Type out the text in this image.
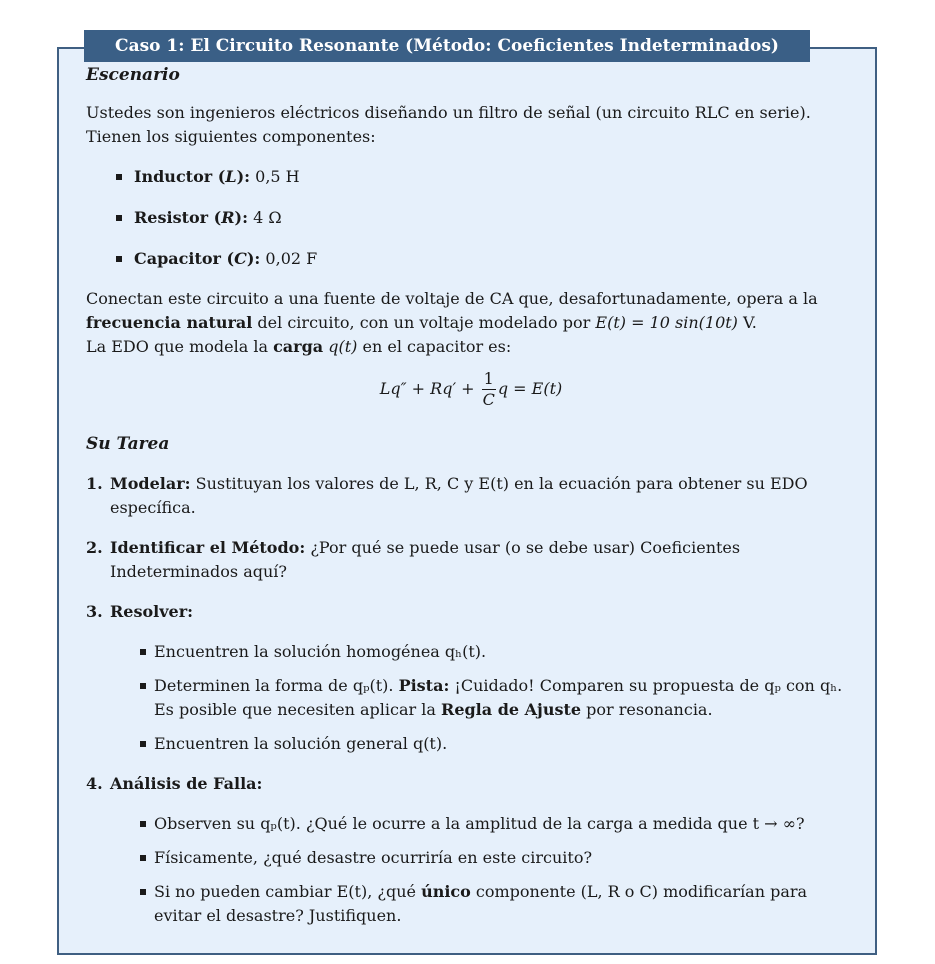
Caso 1: El Circuito Resonante (Método: Coeficientes Indeterminados)
Escenario

Ustedes son ingenieros eléctricos diseñando un filtro de señal (un circuito RLC en serie). Tienen los siguientes componentes:

Inductor (L): 0,5 H
Resistor (R): 4 Ω
Capacitor (C): 0,02 F

Conectan este circuito a una fuente de voltaje de CA que, desafortunadamente, opera a la frecuencia natural del circuito, con un voltaje modelado por E(t) = 10 sin(10t) V.

La EDO que modela la carga q(t) en el capacitor es:

$Lq'' + Rq' + \frac{1}{C}$ q = E(t)
Su Tarea
1. Modelar: Sustituyan los valores de L, R, C y E(t) en la ecuación para obtener su EDO específica.
2. Identificar el Método: ¿Por qué se puede usar (o se debe usar) Coeficientes Indeterminados aquí?
3. Resolver:
Encuentren la solución homogénea qₕ(t).
Determinen la forma de qₚ(t). Pista: ¡Cuidado! Comparen su propuesta de qₚ con qₕ. Es posible que necesiten aplicar la Regla de Ajuste por resonancia.
Encuentren la solución general q(t).
4. Análisis de Falla:
Observen su qₚ(t). ¿Qué le ocurre a la amplitud de la carga a medida que t → ∞?
Físicamente, ¿qué desastre ocurriría en este circuito?
Si no pueden cambiar E(t), ¿qué único componente (L, R o C) modificarían para evitar el desastre? Justifiquen.
